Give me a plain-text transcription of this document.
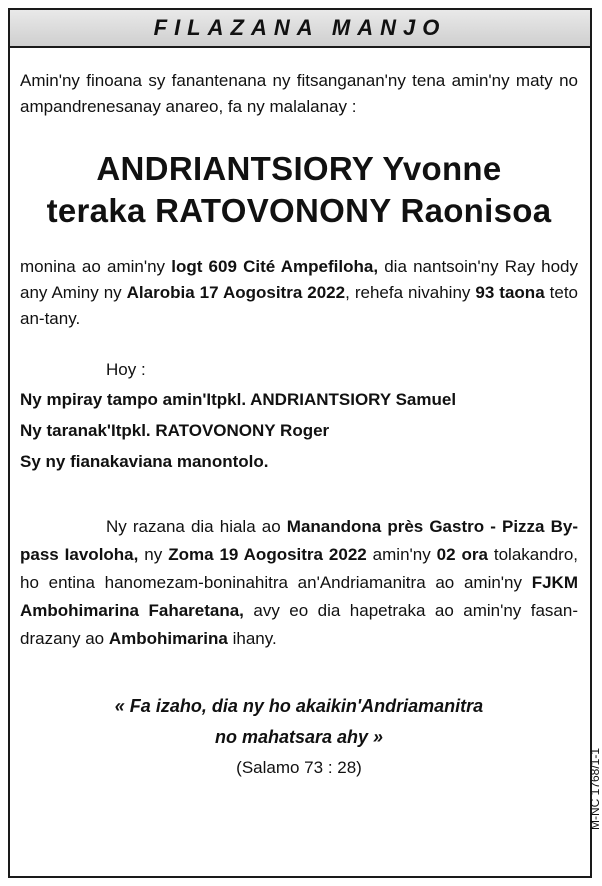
FILAZANA MANJO

Amin'ny finoana sy fanantenana ny fitsanganan'ny tena amin'ny maty no ampandrenesanay anareo, fa ny malalanay :

ANDRIANTSIORY Yvonne
teraka RATOVONONY Raonisoa

monina ao amin'ny logt 609 Cité Ampefiloha, dia nantsoin'ny Ray hody any Aminy ny Alarobia 17 Aogositra 2022, rehefa nivahiny 93 taona teto an-tany.

Hoy :

Ny mpiray tampo amin'Itpkl. ANDRIANTSIORY Samuel

Ny taranak'Itpkl. RATOVONONY Roger

Sy ny fianakaviana manontolo.

Ny razana dia hiala ao Manandona près Gastro - Pizza By-pass Iavoloha, ny Zoma 19 Aogositra 2022 amin'ny 02 ora tolakandro, ho entina hanomezam-boninahitra an'Andriamanitra ao amin'ny FJKM Ambohimarina Faharetana, avy eo dia hapetraka ao amin'ny fasan-drazany ao Ambohimarina ihany.

« Fa izaho, dia ny ho akaikin'Andriamanitra

no mahatsara ahy »

(Salamo 73 : 28)	M-NC 1768/1-1
